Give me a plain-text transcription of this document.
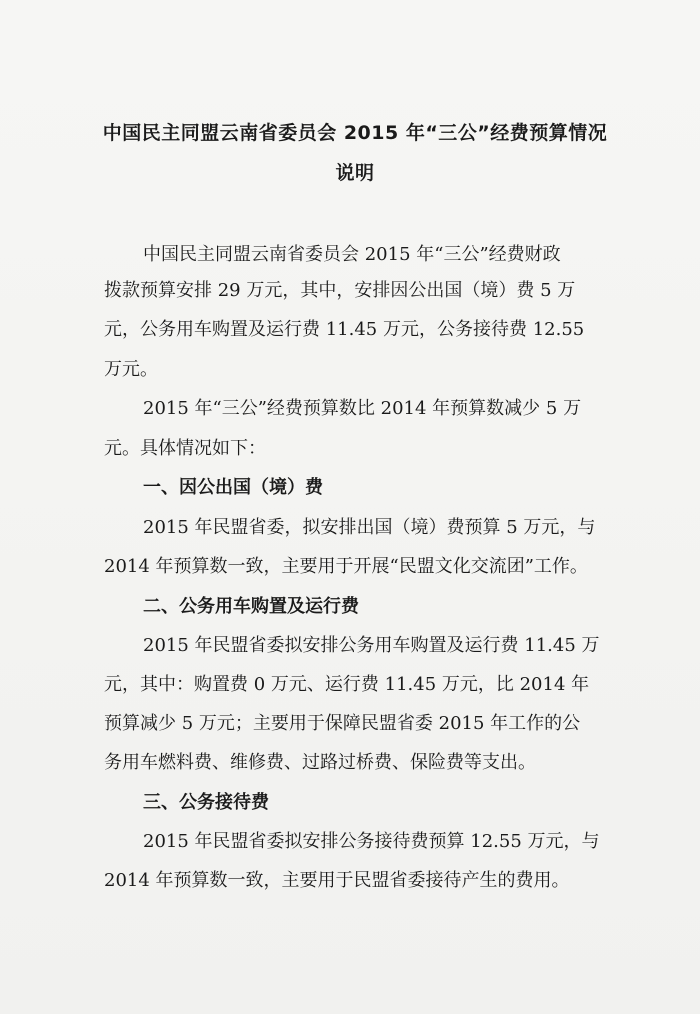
中国民主同盟云南省委员会 2015 年“三公”经费预算情况
说明
中国民主同盟云南省委员会 2015 年“三公”经费财政
拨款预算安排 29 万元，其中，安排因公出国（境）费 5 万
元，公务用车购置及运行费 11.45 万元，公务接待费 12.55
万元。
2015 年“三公”经费预算数比 2014 年预算数减少 5 万
元。具体情况如下：
一、因公出国（境）费
2015 年民盟省委，拟安排出国（境）费预算 5 万元，与
2014 年预算数一致，主要用于开展“民盟文化交流团”工作。
二、公务用车购置及运行费
2015 年民盟省委拟安排公务用车购置及运行费 11.45 万
元，其中：购置费 0 万元、运行费 11.45 万元，比 2014 年
预算减少 5 万元；主要用于保障民盟省委 2015 年工作的公
务用车燃料费、维修费、过路过桥费、保险费等支出。
三、公务接待费
2015 年民盟省委拟安排公务接待费预算 12.55 万元，与
2014 年预算数一致，主要用于民盟省委接待产生的费用。
